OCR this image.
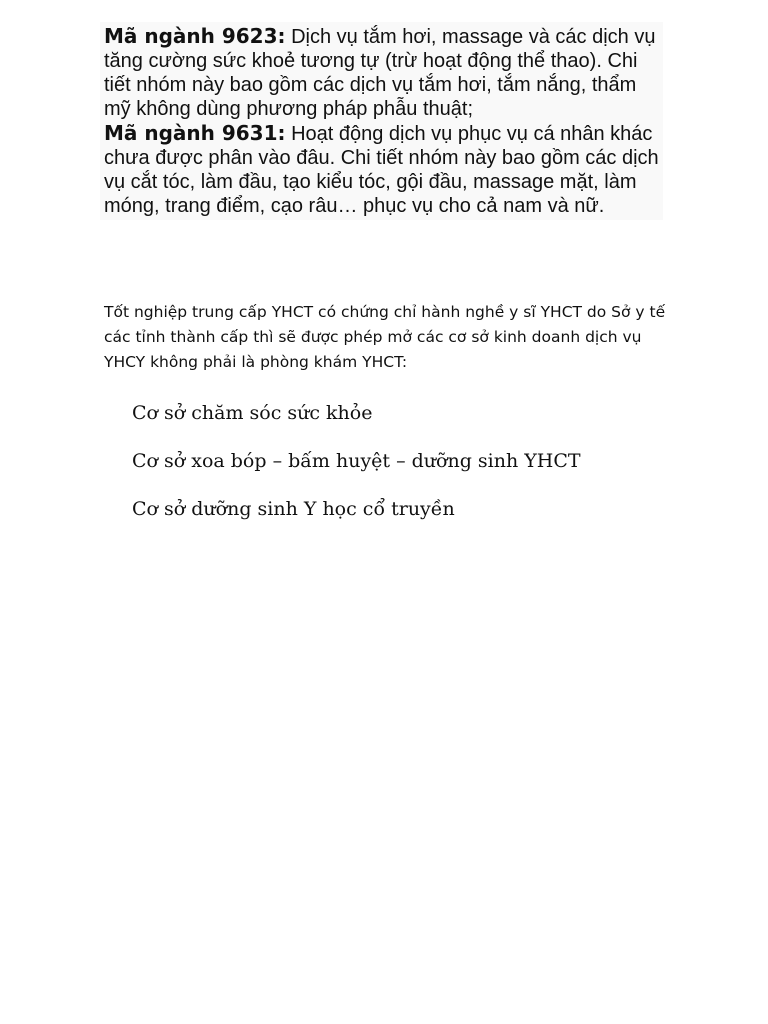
Mã ngành 9623: Dịch vụ tắm hơi, massage và các dịch vụ tăng cường sức khoẻ tương tự (trừ hoạt động thể thao). Chi tiết nhóm này bao gồm các dịch vụ tắm hơi, tắm nắng, thẩm mỹ không dùng phương pháp phẫu thuật;

Mã ngành 9631: Hoạt động dịch vụ phục vụ cá nhân khác chưa được phân vào đâu. Chi tiết nhóm này bao gồm các dịch vụ cắt tóc, làm đầu, tạo kiểu tóc, gội đầu, massage mặt, làm móng, trang điểm, cạo râu… phục vụ cho cả nam và nữ.

Tốt nghiệp trung cấp YHCT có chứng chỉ hành nghề y sĩ YHCT do Sở y tế các tỉnh thành cấp thì sẽ được phép mở các cơ sở kinh doanh dịch vụ YHCY không phải là phòng khám YHCT:

Cơ sở chăm sóc sức khỏe
Cơ sở xoa bóp – bấm huyệt – dưỡng sinh YHCT
Cơ sở dưỡng sinh Y học cổ truyền
